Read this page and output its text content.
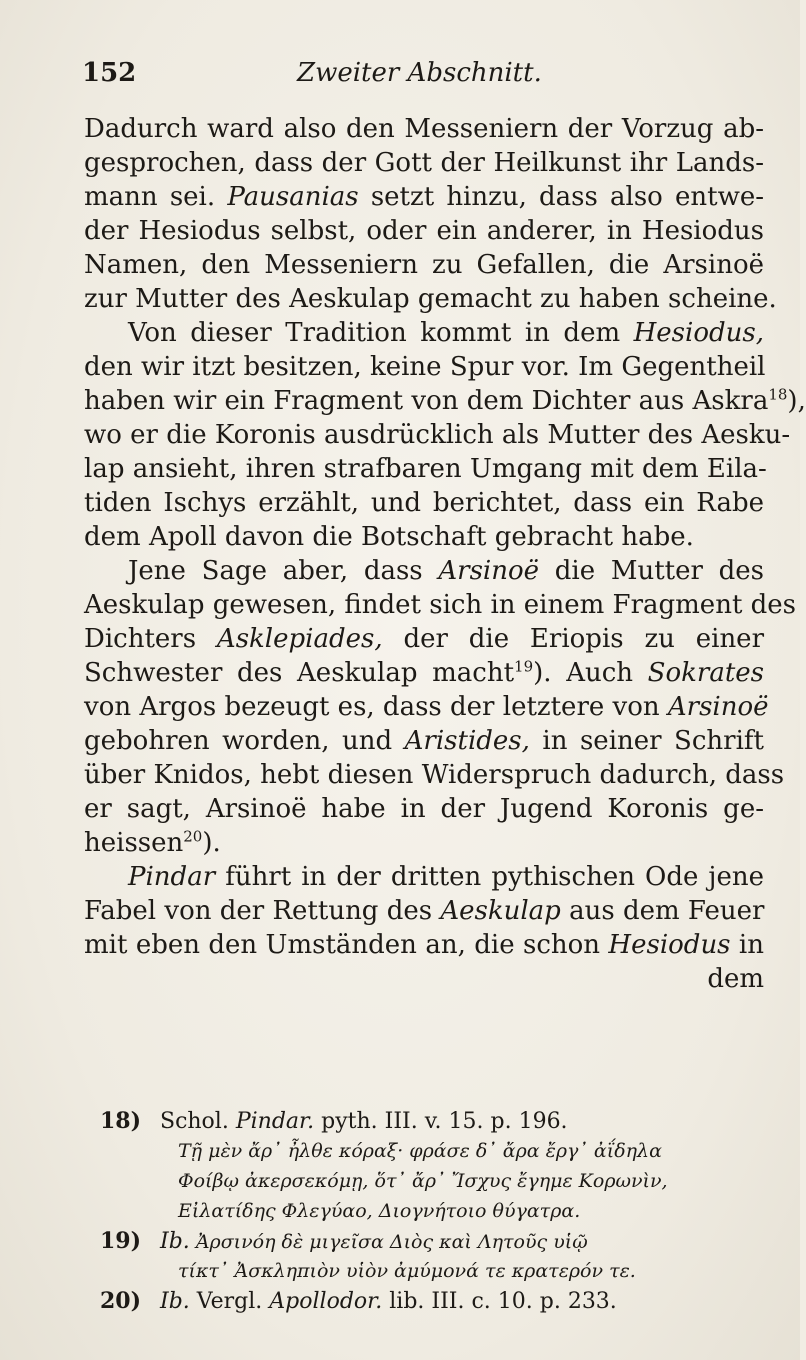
152	Zweiter Abschnitt.
Dadurch ward also den Messeniern der Vorzug ab-
gesprochen, dass der Gott der Heilkunst ihr Lands-
mann sei. Pausanias setzt hinzu, dass also entwe-
der Hesiodus selbst, oder ein anderer, in Hesiodus
Namen, den Messeniern zu Gefallen, die Arsinoë
zur Mutter des Aeskulap gemacht zu haben scheine.
Von dieser Tradition kommt in dem Hesiodus,
den wir itzt besitzen, keine Spur vor. Im Gegentheil
haben wir ein Fragment von dem Dichter aus Askra$^{18}$),
wo er die Koronis ausdrücklich als Mutter des Aesku-
lap ansieht, ihren strafbaren Umgang mit dem Eila-
tiden Ischys erzählt, und berichtet, dass ein Rabe
dem Apoll davon die Botschaft gebracht habe.
Jene Sage aber, dass Arsinoë die Mutter des
Aeskulap gewesen, findet sich in einem Fragment des
Dichters Asklepiades, der die Eriopis zu einer
Schwester des Aeskulap macht$^{19}$). Auch Sokrates
von Argos bezeugt es, dass der letztere von Arsinoë
gebohren worden, und Aristides, in seiner Schrift
über Knidos, hebt diesen Widerspruch dadurch, dass
er sagt, Arsinoë habe in der Jugend Koronis ge-
heissen$^{20}$).
Pindar führt in der dritten pythischen Ode jene
Fabel von der Rettung des Aeskulap aus dem Feuer
mit eben den Umständen an, die schon Hesiodus in
dem
18) Schol. Pindar. pyth. III. v. 15. p. 196.
Τῇ μὲν ἄρ᾽ ἦλθε κόραξ· φράσε δ᾽ ἄρα ἔργ᾽ ἀΐδηλα
Φοίβῳ ἀκερσεκόμῃ, ὅτ᾽ ἄρ᾽ Ἴσχυς ἔγημε Κορωνὶν,
Εἰλατίδης Φλεγύαο, Διογνήτοιο θύγατρα.
19) Ib. Ἀρσινόη δὲ μιγεῖσα Διὸς καὶ Λητοῦς υἱῷ
τίκτ᾽ Ἀσκληπιὸν υἱὸν ἀμύμονά τε κρατερόν τε.
20) Ib. Vergl. Apollodor. lib. III. c. 10. p. 233.
